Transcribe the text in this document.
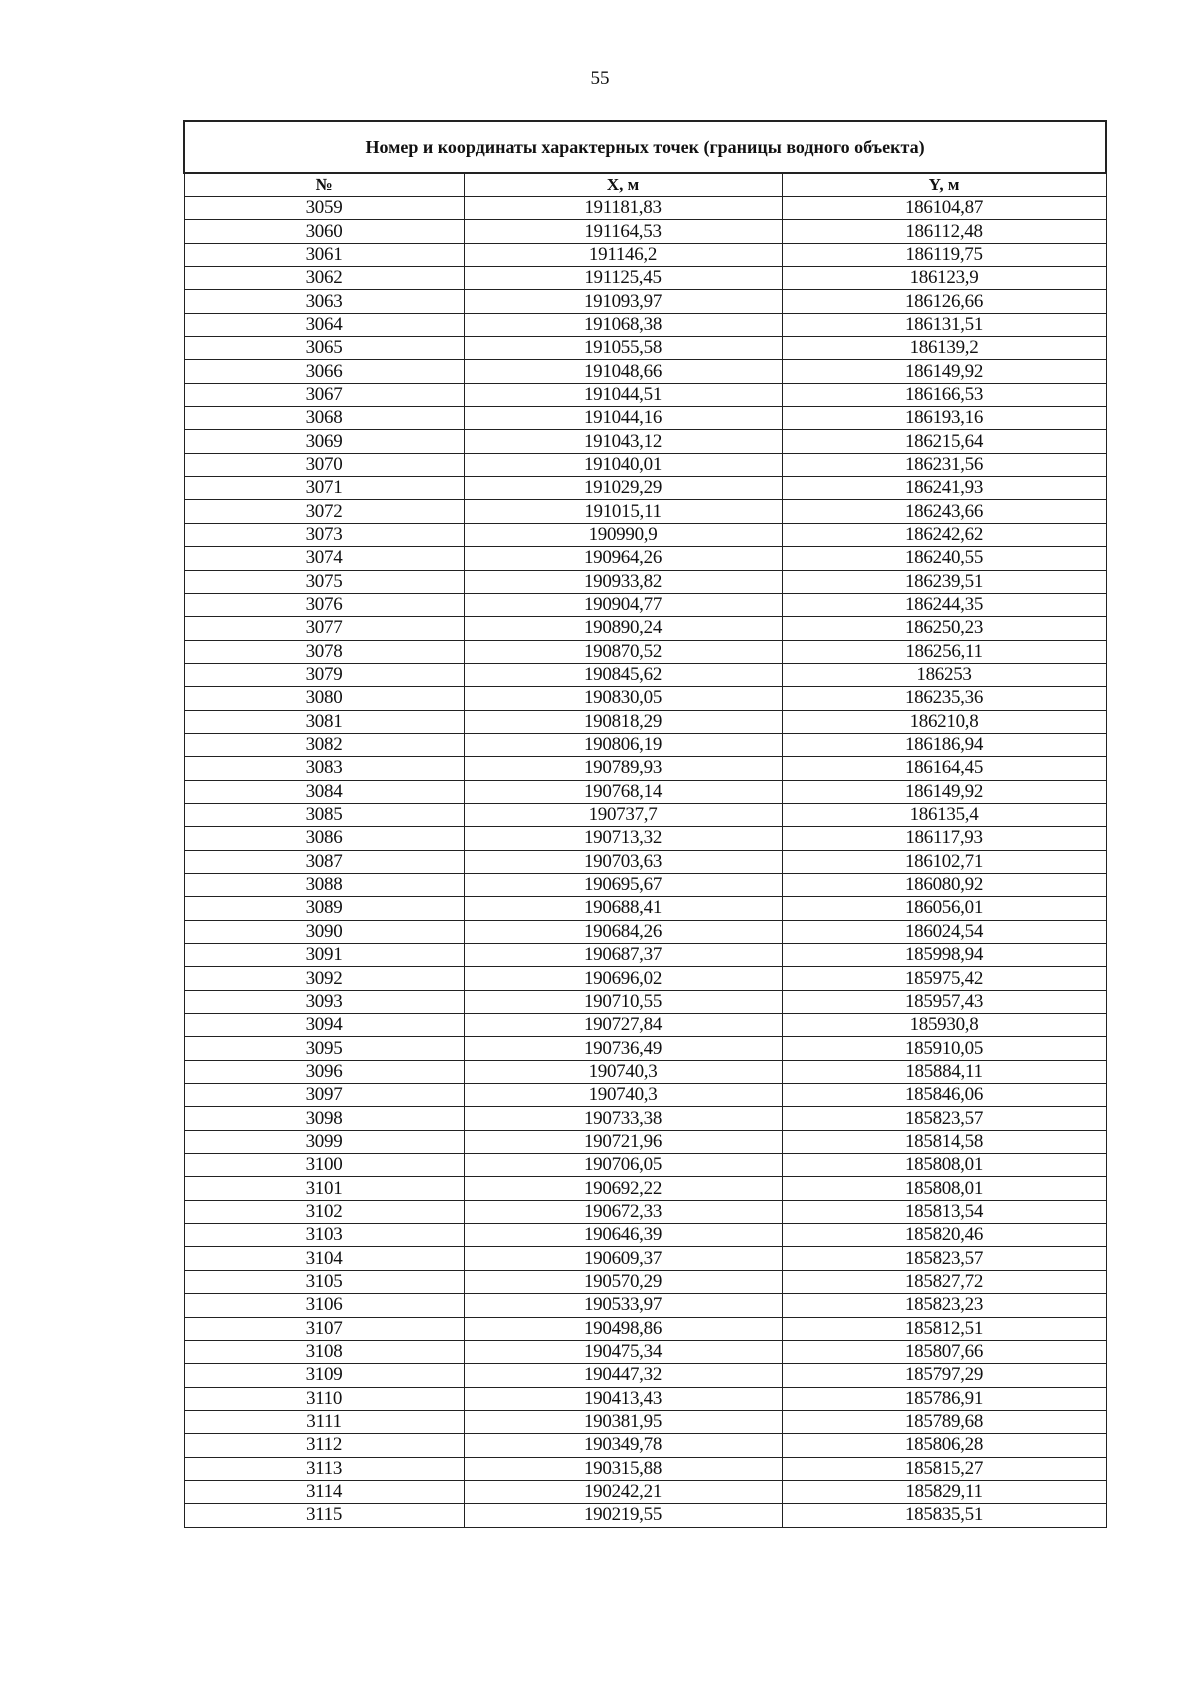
55
Номер и координаты характерных точек (границы водного объекта)		
№	X, м	Y, м
3059	191181,83	186104,87
3060	191164,53	186112,48
3061	191146,2	186119,75
3062	191125,45	186123,9
3063	191093,97	186126,66
3064	191068,38	186131,51
3065	191055,58	186139,2
3066	191048,66	186149,92
3067	191044,51	186166,53
3068	191044,16	186193,16
3069	191043,12	186215,64
3070	191040,01	186231,56
3071	191029,29	186241,93
3072	191015,11	186243,66
3073	190990,9	186242,62
3074	190964,26	186240,55
3075	190933,82	186239,51
3076	190904,77	186244,35
3077	190890,24	186250,23
3078	190870,52	186256,11
3079	190845,62	186253
3080	190830,05	186235,36
3081	190818,29	186210,8
3082	190806,19	186186,94
3083	190789,93	186164,45
3084	190768,14	186149,92
3085	190737,7	186135,4
3086	190713,32	186117,93
3087	190703,63	186102,71
3088	190695,67	186080,92
3089	190688,41	186056,01
3090	190684,26	186024,54
3091	190687,37	185998,94
3092	190696,02	185975,42
3093	190710,55	185957,43
3094	190727,84	185930,8
3095	190736,49	185910,05
3096	190740,3	185884,11
3097	190740,3	185846,06
3098	190733,38	185823,57
3099	190721,96	185814,58
3100	190706,05	185808,01
3101	190692,22	185808,01
3102	190672,33	185813,54
3103	190646,39	185820,46
3104	190609,37	185823,57
3105	190570,29	185827,72
3106	190533,97	185823,23
3107	190498,86	185812,51
3108	190475,34	185807,66
3109	190447,32	185797,29
3110	190413,43	185786,91
3111	190381,95	185789,68
3112	190349,78	185806,28
3113	190315,88	185815,27
3114	190242,21	185829,11
3115	190219,55	185835,51
